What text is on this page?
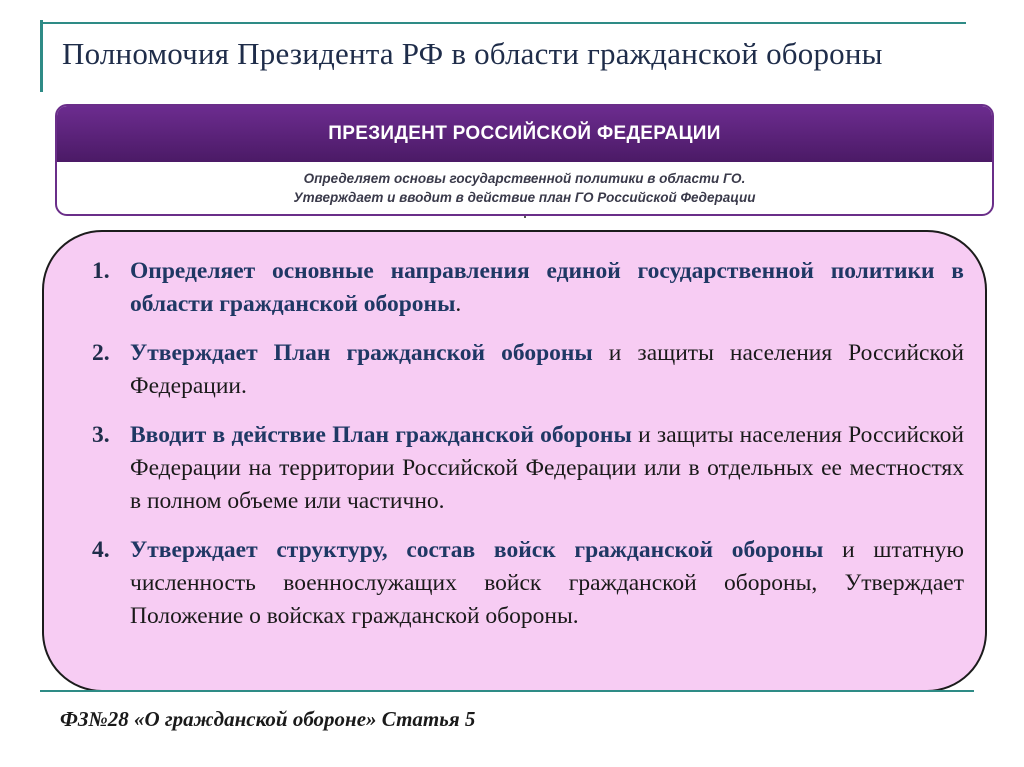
Полномочия Президента РФ в области гражданской обороны
ПРЕЗИДЕНТ РОССИЙСКОЙ ФЕДЕРАЦИИ
Определяет основы государственной политики в области ГО.
Утверждает и вводит в действие план ГО Российской Федерации
1. Определяет основные направления единой государственной политики в области гражданской обороны.
2. Утверждает План гражданской обороны и защиты населения Российской Федерации.
3. Вводит в действие План гражданской обороны и защиты населения Российской Федерации на территории Российской Федерации или в отдельных ее местностях в полном объеме или частично.
4. Утверждает структуру, состав войск гражданской обороны и штатную численность военнослужащих войск гражданской обороны, Утверждает Положение о войсках гражданской обороны.
ФЗ№28 «О гражданской обороне» Статья 5
